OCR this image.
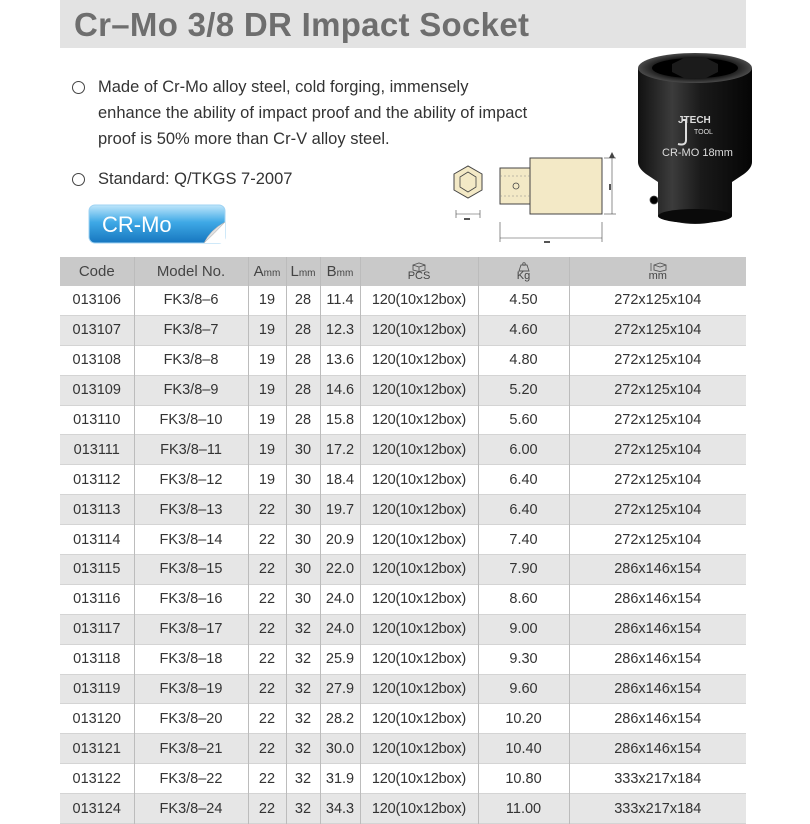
Cr–Mo 3/8 DR Impact Socket
Made of Cr-Mo alloy steel, cold forging, immensely enhance the ability of impact proof and the ability of impact proof is 50% more than Cr-V alloy steel.
Standard: Q/TKGS 7-2007
CR-Mo
JTECH
TOOL
CR-MO 18mm
Code	Model No.	Amm	Lmm	Bmm	PCS	Kg	mm

013106	FK3/8–6	19	28	11.4	120(10x12box)	4.50	272x125x104
013107	FK3/8–7	19	28	12.3	120(10x12box)	4.60	272x125x104
013108	FK3/8–8	19	28	13.6	120(10x12box)	4.80	272x125x104
013109	FK3/8–9	19	28	14.6	120(10x12box)	5.20	272x125x104
013110	FK3/8–10	19	28	15.8	120(10x12box)	5.60	272x125x104
013111	FK3/8–11	19	30	17.2	120(10x12box)	6.00	272x125x104
013112	FK3/8–12	19	30	18.4	120(10x12box)	6.40	272x125x104
013113	FK3/8–13	22	30	19.7	120(10x12box)	6.40	272x125x104
013114	FK3/8–14	22	30	20.9	120(10x12box)	7.40	272x125x104
013115	FK3/8–15	22	30	22.0	120(10x12box)	7.90	286x146x154
013116	FK3/8–16	22	30	24.0	120(10x12box)	8.60	286x146x154
013117	FK3/8–17	22	32	24.0	120(10x12box)	9.00	286x146x154
013118	FK3/8–18	22	32	25.9	120(10x12box)	9.30	286x146x154
013119	FK3/8–19	22	32	27.9	120(10x12box)	9.60	286x146x154
013120	FK3/8–20	22	32	28.2	120(10x12box)	10.20	286x146x154
013121	FK3/8–21	22	32	30.0	120(10x12box)	10.40	286x146x154
013122	FK3/8–22	22	32	31.9	120(10x12box)	10.80	333x217x184
013124	FK3/8–24	22	32	34.3	120(10x12box)	11.00	333x217x184
